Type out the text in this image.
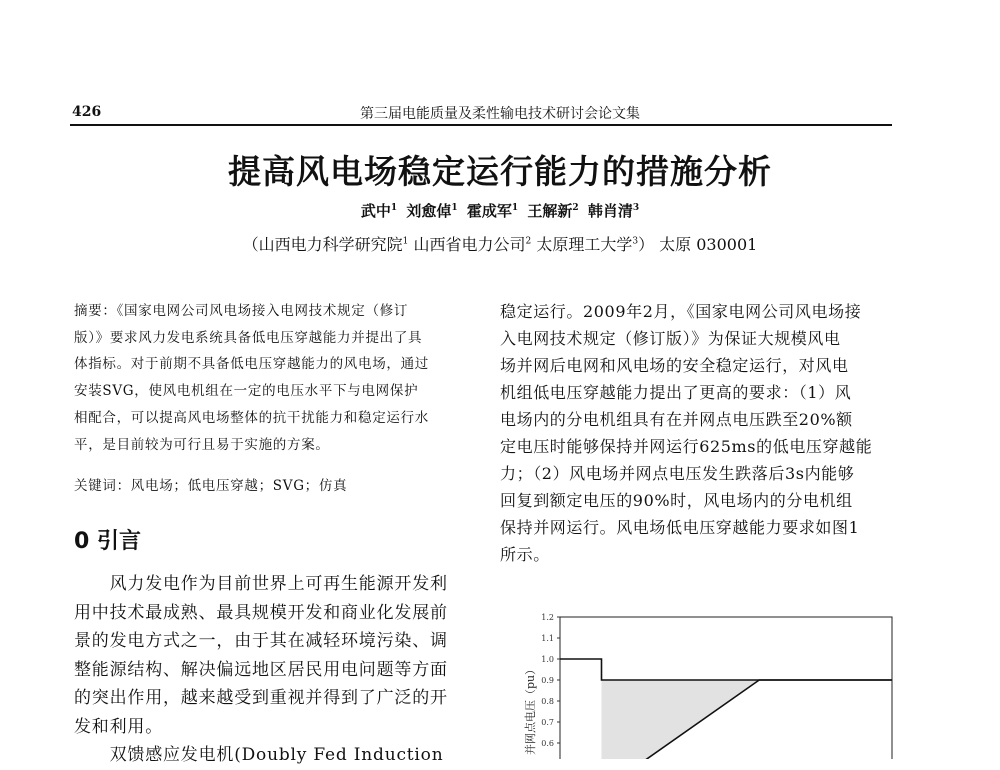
426	第三届电能质量及柔性输电技术研讨会论文集
提高风电场稳定运行能力的措施分析
武中$^1$ 刘愈倬$^1$ 霍成军$^1$ 王解新$^2$ 韩肖清$^3$
（山西电力科学研究院$^1$ 山西省电力公司$^2$ 太原理工大学$^3$） 太原 030001
摘要：《国家电网公司风电场接入电网技术规定（修订
版）》要求风力发电系统具备低电压穿越能力并提出了具
体指标。对于前期不具备低电压穿越能力的风电场，通过
安装SVG，使风电机组在一定的电压水平下与电网保护
相配合，可以提高风电场整体的抗干扰能力和稳定运行水
平，是目前较为可行且易于实施的方案。
关键词：风电场；低电压穿越；SVG；仿真
0 引言
　　风力发电作为目前世界上可再生能源开发利
用中技术最成熟、最具规模开发和商业化发展前
景的发电方式之一，由于其在减轻环境污染、调
整能源结构、解决偏远地区居民用电问题等方面
的突出作用，越来越受到重视并得到了广泛的开
发和利用。
　　双馈感应发电机(Doubly Fed Induction
稳定运行。2009年2月，《国家电网公司风电场接
入电网技术规定（修订版）》为保证大规模风电
场并网后电网和风电场的安全稳定运行，对风电
机组低电压穿越能力提出了更高的要求：（1）风
电场内的分电机组具有在并网点电压跌至20%额
定电压时能够保持并网运行625ms的低电压穿越能
力；（2）风电场并网点电压发生跌落后3s内能够
回复到额定电压的90%时，风电场内的分电机组
保持并网运行。风电场低电压穿越能力要求如图1
所示。
1.2
1.1
1.0
0.9
0.8
0.7
0.6
并网点电压（pu）
